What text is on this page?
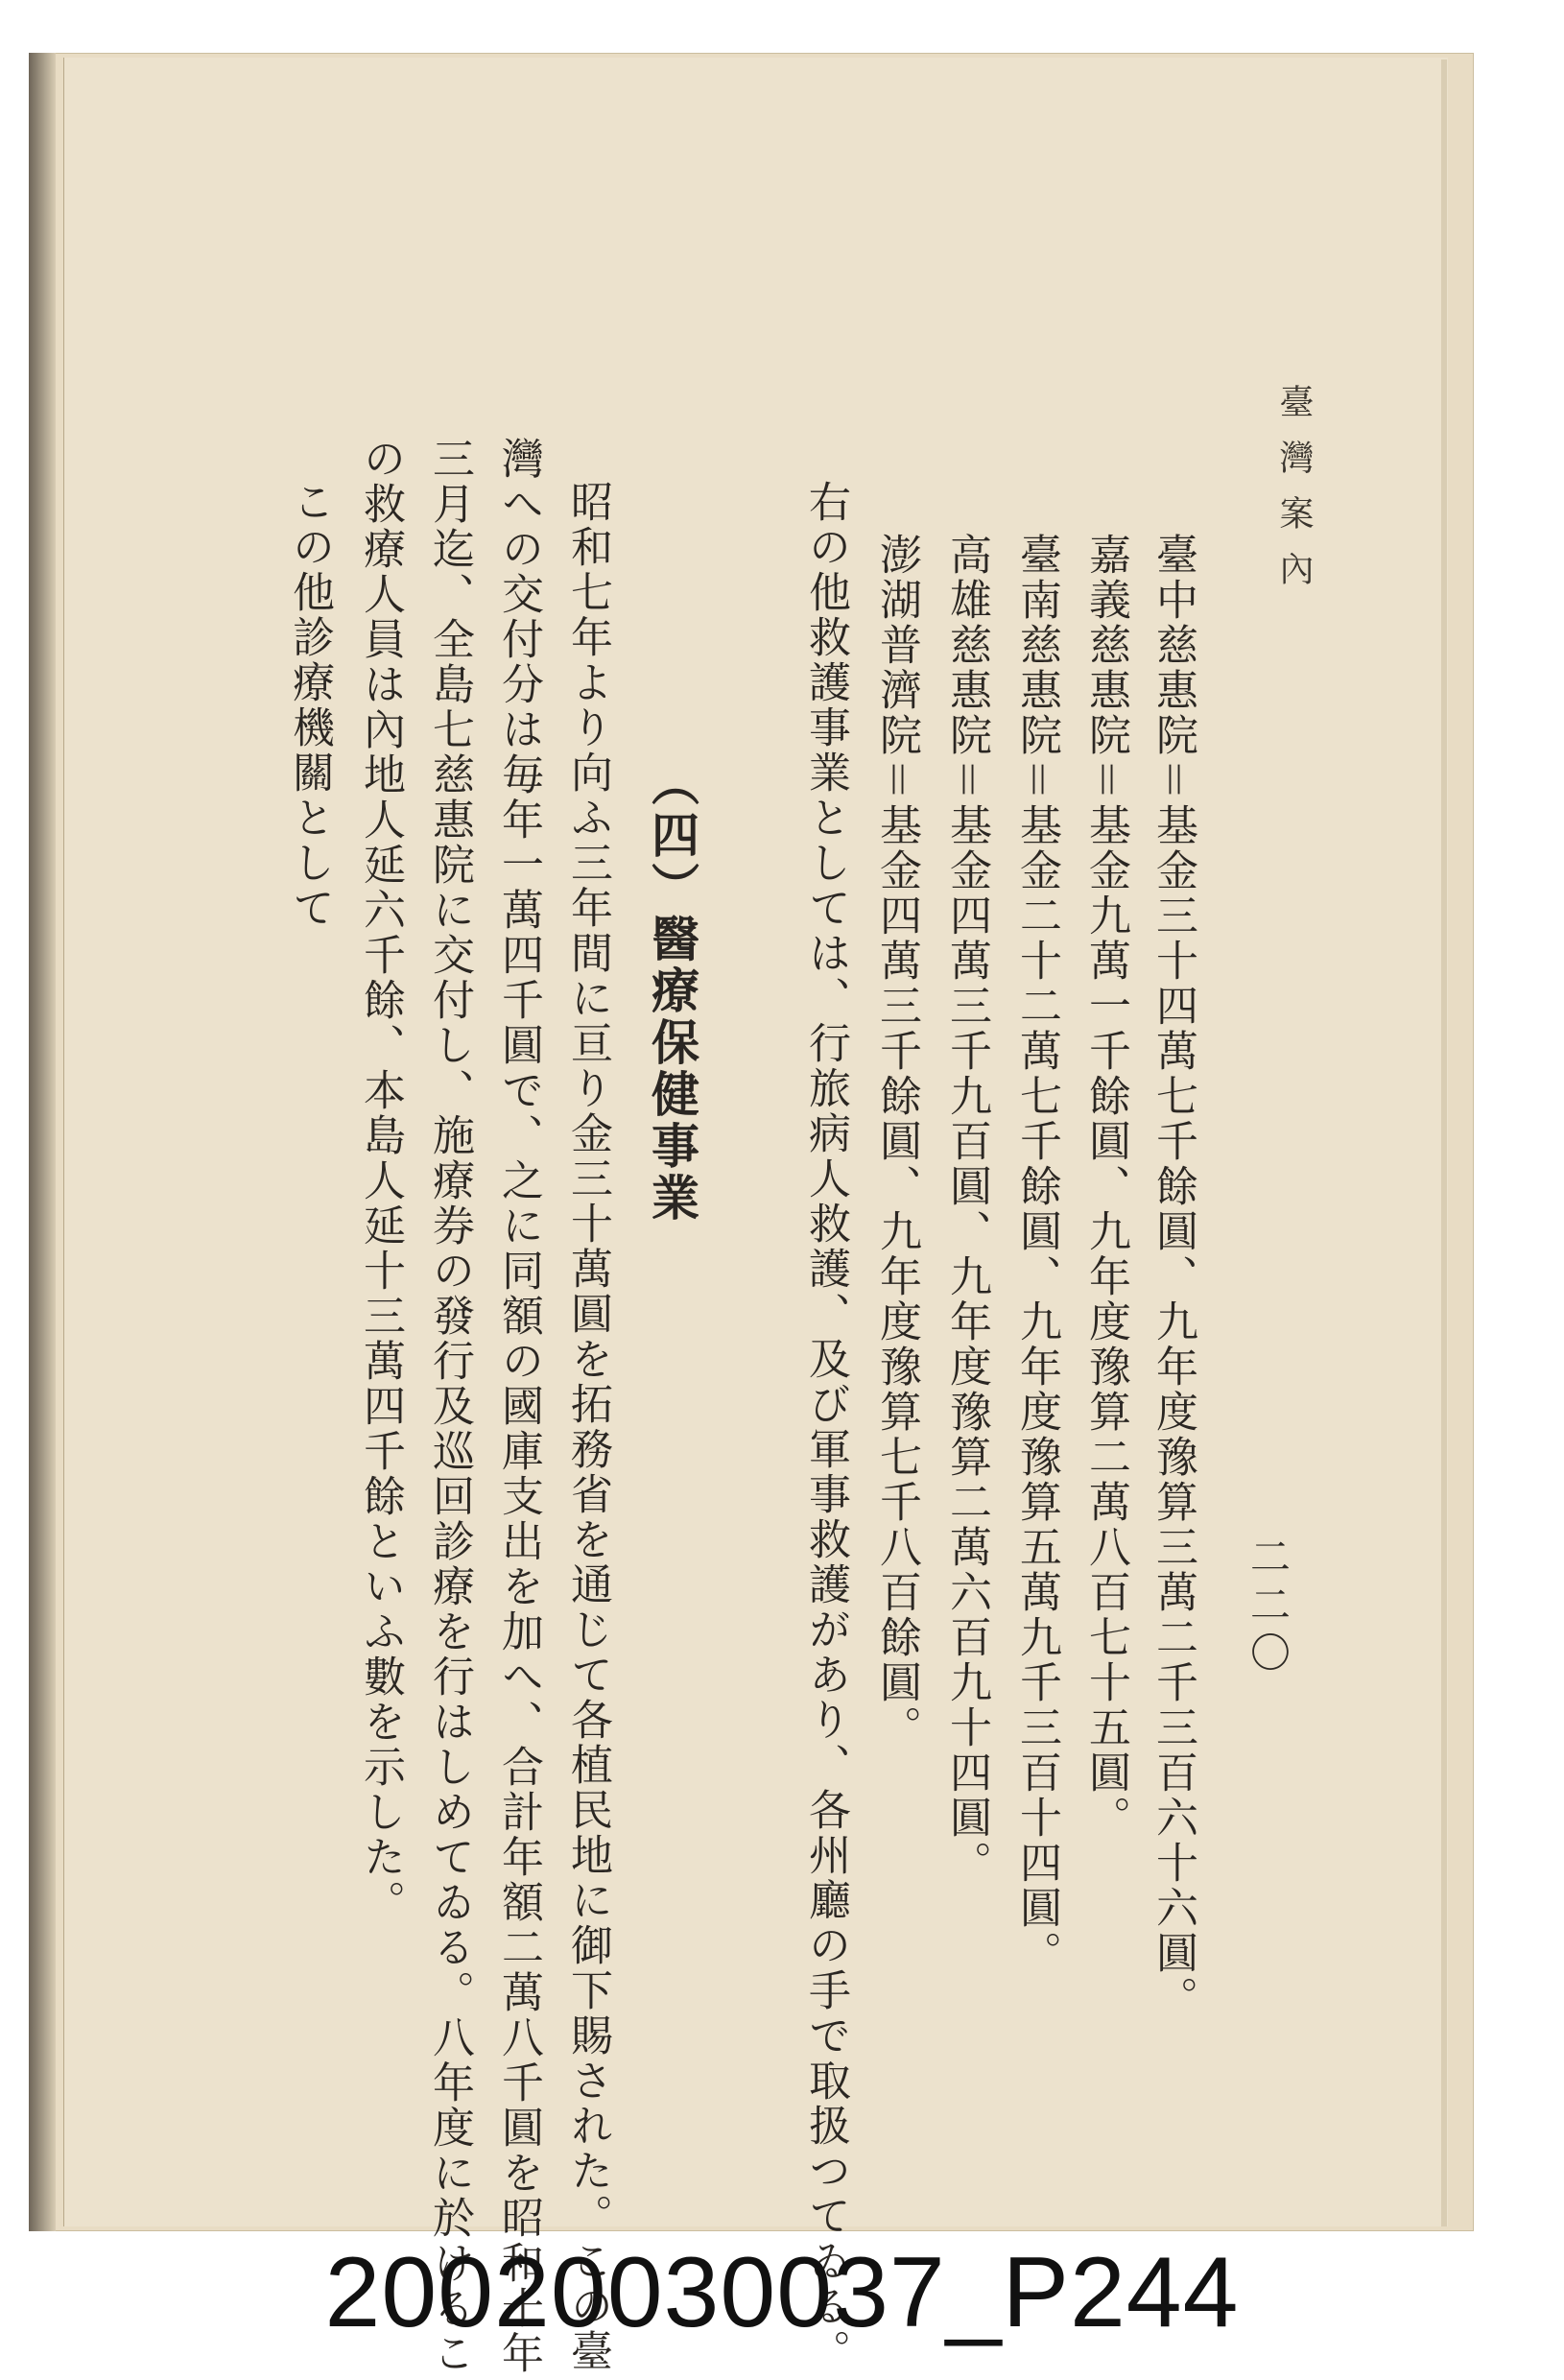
臺灣案內
二二〇
臺中慈惠院＝基金三十四萬七千餘圓、九年度豫算三萬二千三百六十六圓。
嘉義慈惠院＝基金九萬一千餘圓、九年度豫算二萬八百七十五圓。
臺南慈惠院＝基金二十二萬七千餘圓、九年度豫算五萬九千三百十四圓。
高雄慈惠院＝基金四萬三千九百圓、九年度豫算二萬六百九十四圓。
澎湖普濟院＝基金四萬三千餘圓、九年度豫算七千八百餘圓。
右の他救護事業としては、行旅病人救護、及び軍事救護があり、各州廳の手で取扱つてゐる。
（四）醫療保健事業
昭和七年より向ふ三年間に亘り金三十萬圓を拓務省を通じて各植民地に御下賜された。この臺
灣への交付分は毎年一萬四千圓で、之に同額の國庫支出を加へ、合計年額二萬八千圓を昭和十年
三月迄、全島七慈惠院に交付し、施療券の發行及巡回診療を行はしめてゐる。八年度に於けるこ
の救療人員は內地人延六千餘、本島人延十三萬四千餘といふ數を示した。
この他診療機關として
20020030037_P244
